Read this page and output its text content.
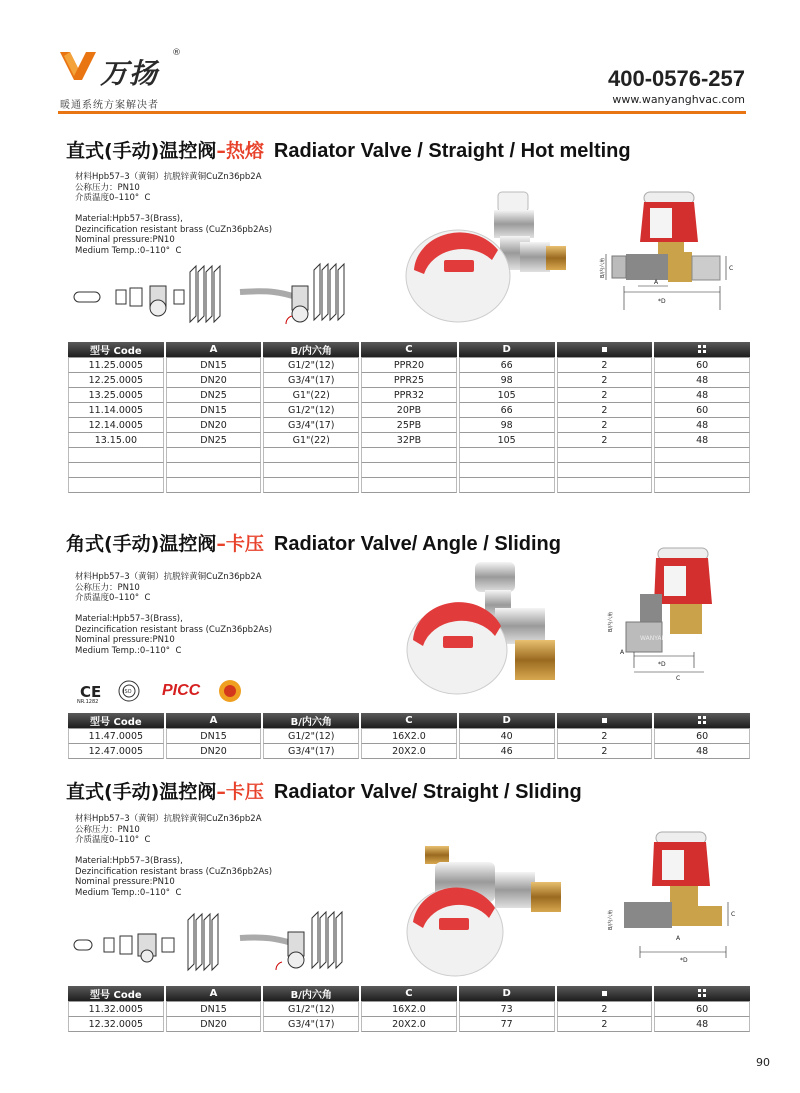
万扬
®
暖通系统方案解决者
400-0576-257
www.wanyanghvac.com
直式(手动)温控阀–热熔 Radiator Valve / Straight / Hot melting
材料Hpb57–3（黄铜）抗脱锌黄铜CuZn36pb2A
公称压力：PN10
介质温度0–110°  C
Material:Hpb57–3(Brass),
Dezincification resistant brass (CuZn36pb2As)
Nominal pressure:PN10
Medium Temp.:0–110°  C
*D
A
C
B/内六角
型号 Code	A	B/内六角	C	D		
11.25.0005	DN15	G1/2"(12)	PPR20	66	2	60
12.25.0005	DN20	G3/4"(17)	PPR25	98	2	48
13.25.0005	DN25	G1"(22)	PPR32	105	2	48
11.14.0005	DN15	G1/2"(12)	20PB	66	2	60
12.14.0005	DN20	G3/4"(17)	25PB	98	2	48
13.15.00	DN25	G1"(22)	32PB	105	2	48

角式(手动)温控阀–卡压 Radiator Valve/ Angle / Sliding
材料Hpb57–3（黄铜）抗脱锌黄铜CuZn36pb2A
公称压力：PN10
介质温度0–110°  C
Material:Hpb57–3(Brass),
Dezincification resistant brass (CuZn36pb2As)
Nominal pressure:PN10
Medium Temp.:0–110°  C
CE
NR.1282
ISO PICC
*D
A
C
B/内六角
WANYANG
型号 Code	A	B/内六角	C	D		
11.47.0005	DN15	G1/2"(12)	16X2.0	40	2	60
12.47.0005	DN20	G3/4"(17)	20X2.0	46	2	48
直式(手动)温控阀–卡压 Radiator Valve/ Straight / Sliding
材料Hpb57–3（黄铜）抗脱锌黄铜CuZn36pb2A
公称压力：PN10
介质温度0–110°  C
Material:Hpb57–3(Brass),
Dezincification resistant brass (CuZn36pb2As)
Nominal pressure:PN10
Medium Temp.:0–110°  C
*D
A
C
B/内六角
型号 Code	A	B/内六角	C	D		
11.32.0005	DN15	G1/2"(12)	16X2.0	73	2	60
12.32.0005	DN20	G3/4"(17)	20X2.0	77	2	48
90
